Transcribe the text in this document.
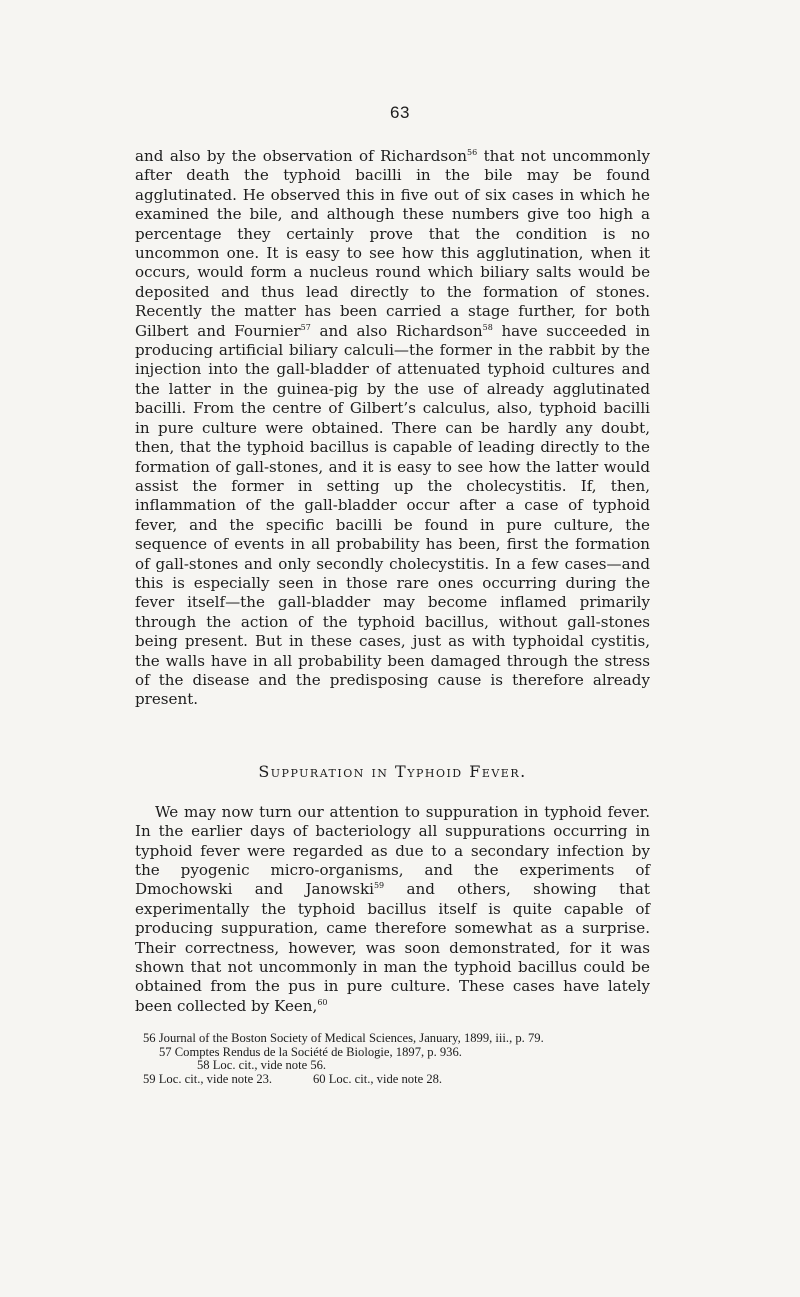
63

and also by the observation of Richardson$^{56}$ that not uncommonly after death the typhoid bacilli in the bile may be found agglutinated. He observed this in five out of six cases in which he examined the bile, and although these numbers give too high a percentage they certainly prove that the condition is no uncommon one. It is easy to see how this agglutination, when it occurs, would form a nucleus round which biliary salts would be deposited and thus lead directly to the formation of stones. Recently the matter has been carried a stage further, for both Gilbert and Fournier$^{57}$ and also Richardson$^{58}$ have succeeded in producing artificial biliary calculi—the former in the rabbit by the injection into the gall-bladder of attenuated typhoid cultures and the latter in the guinea-pig by the use of already agglutinated bacilli. From the centre of Gilbert’s calculus, also, typhoid bacilli in pure culture were obtained. There can be hardly any doubt, then, that the typhoid bacillus is capable of leading directly to the formation of gall-stones, and it is easy to see how the latter would assist the former in setting up the cholecystitis. If, then, inflammation of the gall-bladder occur after a case of typhoid fever, and the specific bacilli be found in pure culture, the sequence of events in all probability has been, first the formation of gall-stones and only secondly cholecystitis. In a few cases—and this is especially seen in those rare ones occurring during the fever itself—the gall-bladder may become inflamed primarily through the action of the typhoid bacillus, without gall-stones being present. But in these cases, just as with typhoidal cystitis, the walls have in all probability been damaged through the stress of the disease and the predisposing cause is therefore already present.

Suppuration in Typhoid Fever.

We may now turn our attention to suppuration in typhoid fever. In the earlier days of bacteriology all suppurations occurring in typhoid fever were regarded as due to a secondary infection by the pyogenic micro-organisms, and the experiments of Dmochowski and Janowski$^{59}$ and others, showing that experimentally the typhoid bacillus itself is quite capable of producing suppuration, came therefore somewhat as a surprise. Their correctness, however, was soon demonstrated, for it was shown that not uncommonly in man the typhoid bacillus could be obtained from the pus in pure culture. These cases have lately been collected by Keen,$^{60}$

56 Journal of the Boston Society of Medical Sciences, January, 1899, iii., p. 79.

57 Comptes Rendus de la Société de Biologie, 1897, p. 936.

58 Loc. cit., vide note 56.

59 Loc. cit., vide note 23.	60 Loc. cit., vide note 28.
